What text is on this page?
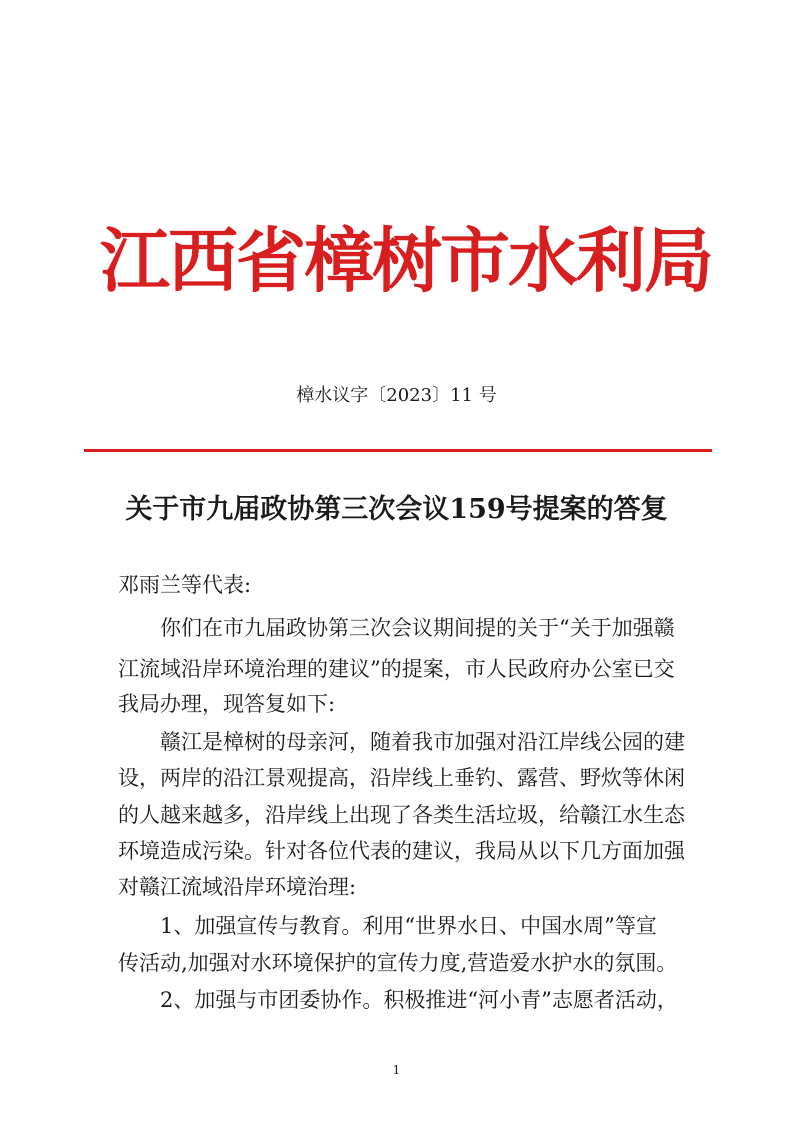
江西省樟树市水利局
樟水议字〔2023〕11 号
关于市九届政协第三次会议159号提案的答复
邓雨兰等代表:
你们在市九届政协第三次会议期间提的关于“关于加强赣
江流域沿岸环境治理的建议”的提案，市人民政府办公室已交
我局办理，现答复如下:
赣江是樟树的母亲河，随着我市加强对沿江岸线公园的建
设，两岸的沿江景观提高，沿岸线上垂钓、露营、野炊等休闲
的人越来越多，沿岸线上出现了各类生活垃圾，给赣江水生态
环境造成污染。针对各位代表的建议，我局从以下几方面加强
对赣江流域沿岸环境治理:
1、加强宣传与教育。利用“世界水日、中国水周”等宣
传活动,加强对水环境保护的宣传力度,营造爱水护水的氛围。
2、加强与市团委协作。积极推进“河小青”志愿者活动，
1
